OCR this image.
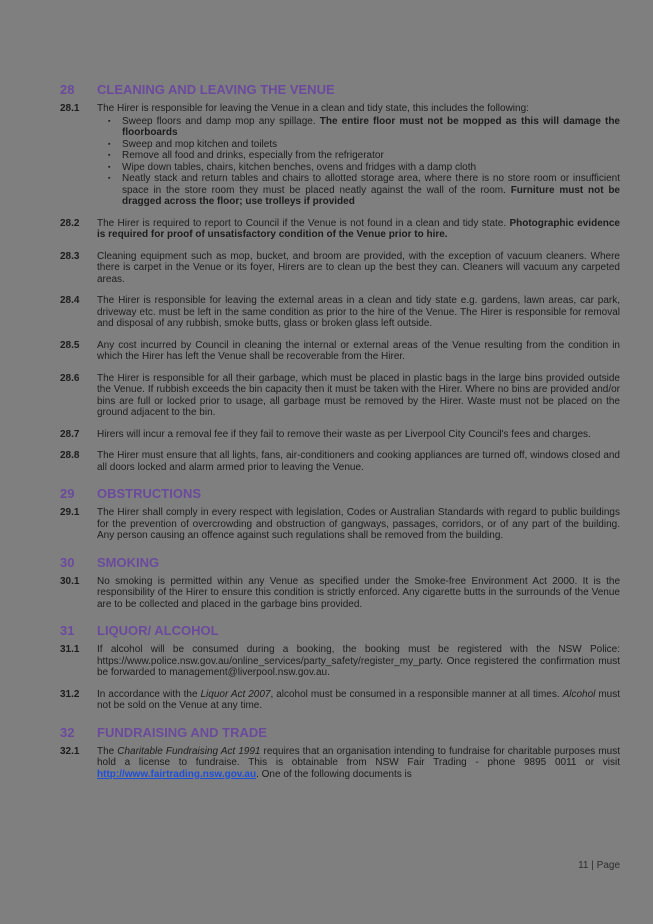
28	CLEANING AND LEAVING THE VENUE
28.1	The Hirer is responsible for leaving the Venue in a clean and tidy state, this includes the following:
▪	Sweep floors and damp mop any spillage. The entire floor must not be mopped as this will damage the floorboards
▪	Sweep and mop kitchen and toilets
▪	Remove all food and drinks, especially from the refrigerator
▪	Wipe down tables, chairs, kitchen benches, ovens and fridges with a damp cloth
▪	Neatly stack and return tables and chairs to allotted storage area, where there is no store room or insufficient space in the store room they must be placed neatly against the wall of the room. Furniture must not be dragged across the floor; use trolleys if provided
28.2	The Hirer is required to report to Council if the Venue is not found in a clean and tidy state. Photographic evidence is required for proof of unsatisfactory condition of the Venue prior to hire.
28.3	Cleaning equipment such as mop, bucket, and broom are provided, with the exception of vacuum cleaners. Where there is carpet in the Venue or its foyer, Hirers are to clean up the best they can. Cleaners will vacuum any carpeted areas.
28.4	The Hirer is responsible for leaving the external areas in a clean and tidy state e.g. gardens, lawn areas, car park, driveway etc. must be left in the same condition as prior to the hire of the Venue. The Hirer is responsible for removal and disposal of any rubbish, smoke butts, glass or broken glass left outside.
28.5	Any cost incurred by Council in cleaning the internal or external areas of the Venue resulting from the condition in which the Hirer has left the Venue shall be recoverable from the Hirer.
28.6	The Hirer is responsible for all their garbage, which must be placed in plastic bags in the large bins provided outside the Venue. If rubbish exceeds the bin capacity then it must be taken with the Hirer. Where no bins are provided and/or bins are full or locked prior to usage, all garbage must be removed by the Hirer. Waste must not be placed on the ground adjacent to the bin.
28.7	Hirers will incur a removal fee if they fail to remove their waste as per Liverpool City Council's fees and charges.
28.8	The Hirer must ensure that all lights, fans, air-conditioners and cooking appliances are turned off, windows closed and all doors locked and alarm armed prior to leaving the Venue.
29	OBSTRUCTIONS
29.1	The Hirer shall comply in every respect with legislation, Codes or Australian Standards with regard to public buildings for the prevention of overcrowding and obstruction of gangways, passages, corridors, or of any part of the building. Any person causing an offence against such regulations shall be removed from the building.
30	SMOKING
30.1	No smoking is permitted within any Venue as specified under the Smoke-free Environment Act 2000. It is the responsibility of the Hirer to ensure this condition is strictly enforced. Any cigarette butts in the surrounds of the Venue are to be collected and placed in the garbage bins provided.
31	LIQUOR/ ALCOHOL
31.1	If alcohol will be consumed during a booking, the booking must be registered with the NSW Police: https://www.police.nsw.gov.au/online_services/party_safety/register_my_party. Once registered the confirmation must be forwarded to management@liverpool.nsw.gov.au.
31.2	In accordance with the Liquor Act 2007, alcohol must be consumed in a responsible manner at all times. Alcohol must not be sold on the Venue at any time.
32	FUNDRAISING AND TRADE
32.1	The Charitable Fundraising Act 1991 requires that an organisation intending to fundraise for charitable purposes must hold a license to fundraise. This is obtainable from NSW Fair Trading - phone 9895 0011 or visit http://www.fairtrading.nsw.gov.au. One of the following documents is
11 | Page
